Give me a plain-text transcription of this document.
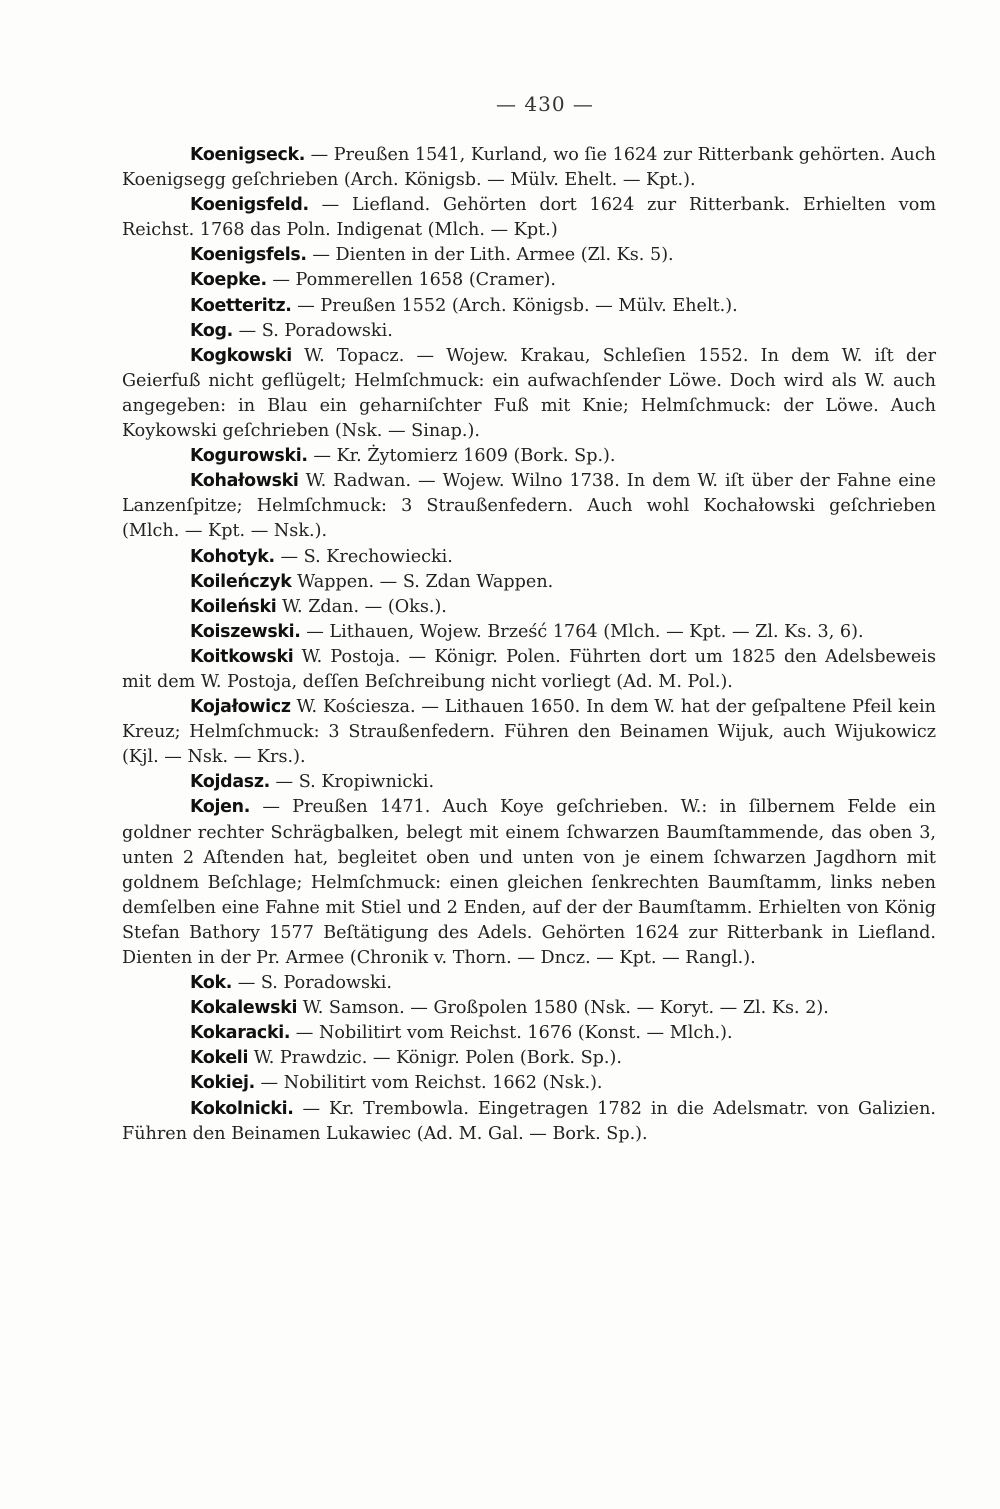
— 430 —

Koenigseck. — Preußen 1541, Kurland, wo ſie 1624 zur Ritterbank gehörten. Auch Koenigsegg geſchrieben (Arch. Königsb. — Mülv. Ehelt. — Kpt.).

Koenigsfeld. — Liefland. Gehörten dort 1624 zur Ritterbank. Erhielten vom Reichst. 1768 das Poln. Indigenat (Mlch. — Kpt.)

Koenigsfels. — Dienten in der Lith. Armee (Zl. Ks. 5).

Koepke. — Pommerellen 1658 (Cramer).

Koetteritz. — Preußen 1552 (Arch. Königsb. — Mülv. Ehelt.).

Kog. — S. Poradowski.

Kogkowski W. Topacz. — Wojew. Krakau, Schleſien 1552. In dem W. iſt der Geierfuß nicht geflügelt; Helmſchmuck: ein aufwachſender Löwe. Doch wird als W. auch angegeben: in Blau ein geharniſchter Fuß mit Knie; Helmſchmuck: der Löwe. Auch Koykowski geſchrieben (Nsk. — Sinap.).

Kogurowski. — Kr. Żytomierz 1609 (Bork. Sp.).

Kohałowski W. Radwan. — Wojew. Wilno 1738. In dem W. iſt über der Fahne eine Lanzenſpitze; Helmſchmuck: 3 Straußenfedern. Auch wohl Kochałowski geſchrieben (Mlch. — Kpt. — Nsk.).

Kohotyk. — S. Krechowiecki.

Koileńczyk Wappen. — S. Zdan Wappen.

Koileński W. Zdan. — (Oks.).

Koiszewski. — Lithauen, Wojew. Brześć 1764 (Mlch. — Kpt. — Zl. Ks. 3, 6).

Koitkowski W. Postoja. — Königr. Polen. Führten dort um 1825 den Adelsbeweis mit dem W. Postoja, deſſen Beſchreibung nicht vorliegt (Ad. M. Pol.).

Kojałowicz W. Kościesza. — Lithauen 1650. In dem W. hat der geſpaltene Pfeil kein Kreuz; Helmſchmuck: 3 Straußenfedern. Führen den Beinamen Wijuk, auch Wijukowicz (Kjl. — Nsk. — Krs.).

Kojdasz. — S. Kropiwnicki.

Kojen. — Preußen 1471. Auch Koye geſchrieben. W.: in ſilbernem Felde ein goldner rechter Schrägbalken, belegt mit einem ſchwarzen Baumſtammende, das oben 3, unten 2 Aſtenden hat, begleitet oben und unten von je einem ſchwarzen Jagdhorn mit goldnem Beſchlage; Helmſchmuck: einen gleichen ſenkrechten Baumſtamm, links neben demſelben eine Fahne mit Stiel und 2 Enden, auf der der Baumſtamm. Erhielten von König Stefan Bathory 1577 Beſtätigung des Adels. Gehörten 1624 zur Ritterbank in Liefland. Dienten in der Pr. Armee (Chronik v. Thorn. — Dncz. — Kpt. — Rangl.).

Kok. — S. Poradowski.

Kokalewski W. Samson. — Großpolen 1580 (Nsk. — Koryt. — Zl. Ks. 2).

Kokaracki. — Nobilitirt vom Reichst. 1676 (Konst. — Mlch.).

Kokeli W. Prawdzic. — Königr. Polen (Bork. Sp.).

Kokiej. — Nobilitirt vom Reichst. 1662 (Nsk.).

Kokolnicki. — Kr. Trembowla. Eingetragen 1782 in die Adelsmatr. von Galizien. Führen den Beinamen Lukawiec (Ad. M. Gal. — Bork. Sp.).
